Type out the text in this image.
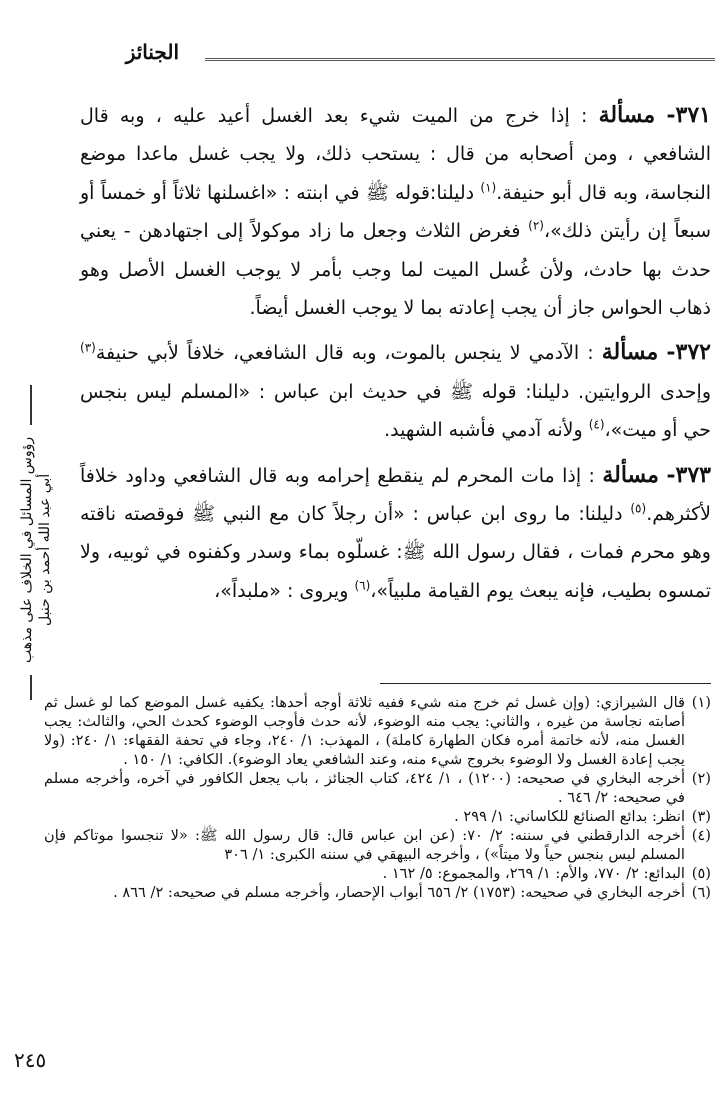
الجنائز
رؤوس المسائل في الخلاف على مذهب أبي عبد الله أحمد بن حنبل

٣٧١- مسألة : إذا خرج من الميت شيء بعد الغسل أعيد عليه ، وبه قال الشافعي ، ومن أصحابه من قال : يستحب ذلك، ولا يجب غسل ماعدا موضع النجاسة، وبه قال أبو حنيفة.$^{(١)}$ دليلنا:قوله ﷺ في ابنته : «اغسلنها ثلاثاً أو خمساً أو سبعاً إن رأيتن ذلك»،$^{(٢)}$ فغرض الثلاث وجعل ما زاد موكولاً إلى اجتهادهن - يعني حدث بها حادث، ولأن غُسل الميت لما وجب بأمر لا يوجب الغسل الأصل وهو ذهاب الحواس جاز أن يجب إعادته بما لا يوجب الغسل أيضاً.

٣٧٢- مسألة : الآدمي لا ينجس بالموت، وبه قال الشافعي، خلافاً لأبي حنيفة$^{(٣)}$ وإحدى الروايتين. دليلنا: قوله ﷺ في حديث ابن عباس : «المسلم ليس بنجس حي أو ميت»،$^{(٤)}$ ولأنه آدمي فأشبه الشهيد.

٣٧٣- مسألة : إذا مات المحرم لم ينقطع إحرامه وبه قال الشافعي وداود خلافاً لأكثرهم.$^{(٥)}$ دليلنا: ما روى ابن عباس : «أن رجلاً كان مع النبي ﷺ فوقصته ناقته وهو محرم فمات ، فقال رسول الله ﷺ: غسلّوه بماء وسدر وكفنوه في ثوبيه، ولا تمسوه بطيب، فإنه يبعث يوم القيامة ملبياً»،$^{(٦)}$ ويروى : «ملبداً»،

(١)
قال الشيرازي: (وإن غسل ثم خرج منه شيء ففيه ثلاثة أوجه أحدها: يكفيه غسل الموضع كما لو غسل ثم أصابته نجاسة من غيره ، والثاني: يجب منه الوضوء، لأنه حدث فأوجب الوضوء كحدث الحي، والثالث: يجب الغسل منه، لأنه خاتمة أمره فكان الطهارة كاملة) ، المهذب: ١/ ٢٤٠، وجاء في تحفة الفقهاء: ١/ ٢٤٠: (ولا يجب إعادة الغسل ولا الوضوء بخروج شيء منه، وعند الشافعي يعاد الوضوء). الكافي: ١/ ١٥٠ .
(٢)
أخرجه البخاري في صحيحه: (١٢٠٠) ، ١/ ٤٢٤، كتاب الجنائز ، باب يجعل الكافور في آخره، وأخرجه مسلم في صحيحه: ٢/ ٦٤٦ .
(٣)
انظر: بدائع الصنائع للكاساني: ١/ ٢٩٩ .
(٤)
أخرجه الدارقطني في سننه: ٢/ ٧٠: (عن ابن عباس قال: قال رسول الله ﷺ: «لا تنجسوا موتاكم فإن المسلم ليس بنجس حياً ولا ميتاً») ، وأخرجه البيهقي في سننه الكبرى: ١/ ٣٠٦
(٥)
البدائع: ٢/ ٧٧٠، والأم: ١/ ٢٦٩، والمجموع: ٥/ ١٦٢ .
(٦)
أخرجه البخاري في صحيحه: (١٧٥٣) ٢/ ٦٥٦ أبواب الإحصار، وأخرجه مسلم في صحيحه: ٢/ ٨٦٦ .
٢٤٥
